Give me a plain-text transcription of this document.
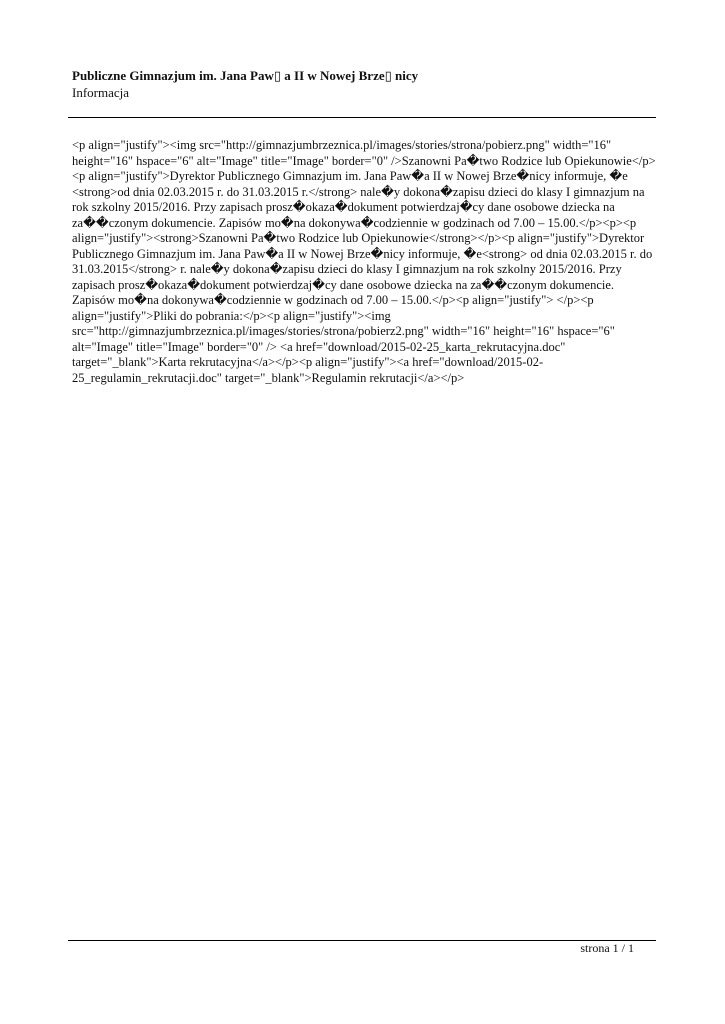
Publiczne Gimnazjum im. Jana Paw▯ a II w Nowej Brze▯ nicy
Informacja
<p align="justify"><img src="http://gimnazjumbrzeznica.pl/images/stories/strona/pobierz.png" width="16" height="16" hspace="6" alt="Image" title="Image" border="0" />Szanowni Pa�two Rodzice lub Opiekunowie</p><p align="justify">Dyrektor Publicznego Gimnazjum im. Jana Paw�a II w Nowej Brze�nicy informuje, �e <strong>od dnia 02.03.2015 r. do 31.03.2015 r.</strong> nale�y dokona�zapisu dzieci do klasy I gimnazjum na rok szkolny 2015/2016. Przy zapisach prosz�okaza�dokument potwierdzaj�cy dane osobowe dziecka na za��czonym dokumencie. Zapisów mo�na dokonywa�codziennie w godzinach od 7.00 – 15.00.</p><p><p align="justify"><strong>Szanowni Pa�two Rodzice lub Opiekunowie</strong></p><p align="justify">Dyrektor Publicznego Gimnazjum im. Jana Paw�a II w Nowej Brze�nicy informuje, �e<strong> od dnia 02.03.2015 r. do 31.03.2015</strong> r. nale�y dokona�zapisu dzieci do klasy I gimnazjum na rok szkolny 2015/2016. Przy zapisach prosz�okaza�dokument potwierdzaj�cy dane osobowe dziecka na za��czonym dokumencie. Zapisów mo�na dokonywa�codziennie w godzinach od 7.00 – 15.00.</p><p align="justify"> </p><p align="justify">Pliki do pobrania:</p><p align="justify"><img src="http://gimnazjumbrzeznica.pl/images/stories/strona/pobierz2.png" width="16" height="16" hspace="6" alt="Image" title="Image" border="0" /> <a href="download/2015-02-25_karta_rekrutacyjna.doc" target="_blank">Karta rekrutacyjna</a></p><p align="justify"><a href="download/2015-02-25_regulamin_rekrutacji.doc" target="_blank">Regulamin rekrutacji</a></p>
strona 1 / 1
